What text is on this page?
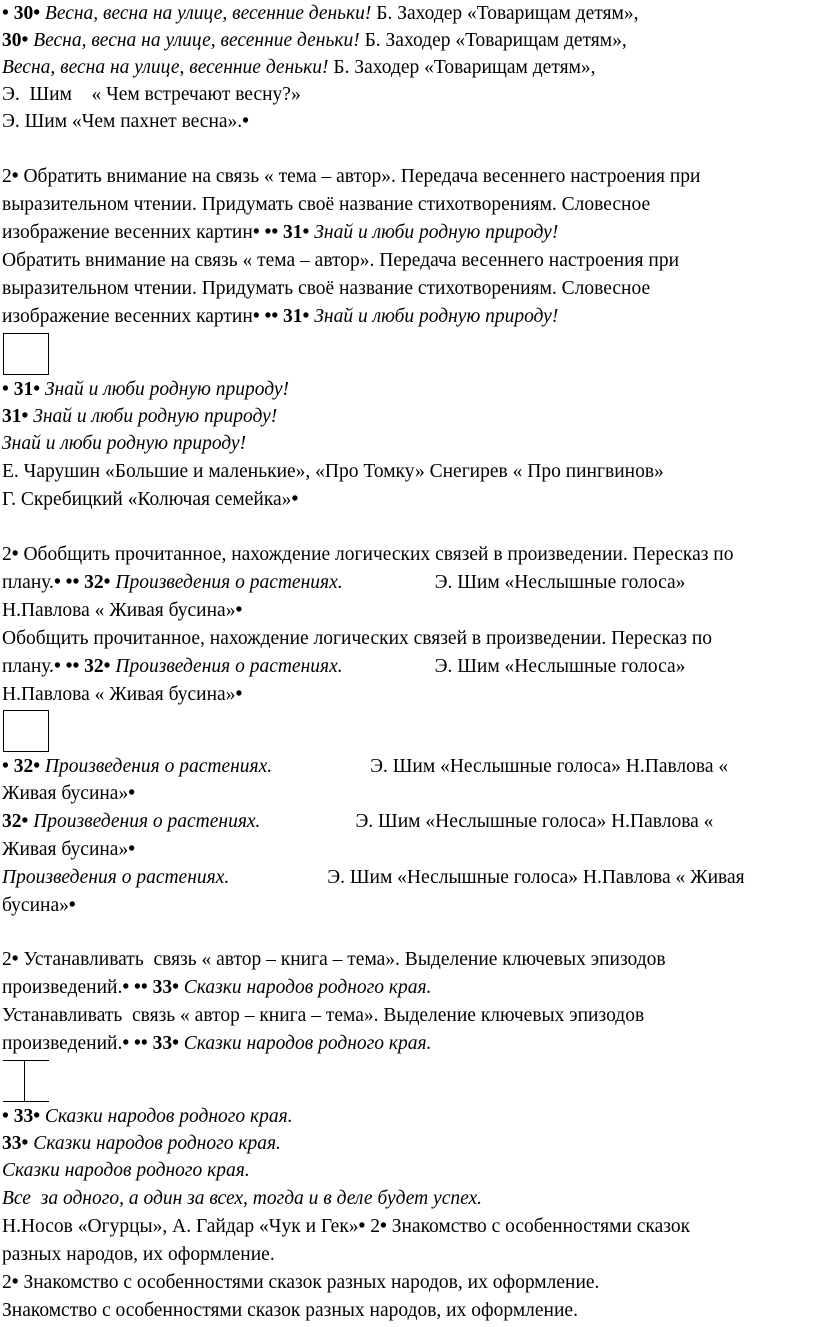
• 30• Весна, весна на улице, весенние деньки! Б. Заходер «Товарищам детям»,
30• Весна, весна на улице, весенние деньки! Б. Заходер «Товарищам детям»,
Весна, весна на улице, весенние деньки! Б. Заходер «Товарищам детям»,
Э.  Шим    « Чем встречают весну?»
Э. Шим «Чем пахнет весна».•
2• Обратить внимание на связь « тема – автор». Передача весеннего настроения при
выразительном чтении. Придумать своё название стихотворениям. Словесное
изображение весенних картин• •• 31• Знай и люби родную природу!
Обратить внимание на связь « тема – автор». Передача весеннего настроения при
выразительном чтении. Придумать своё название стихотворениям. Словесное
изображение весенних картин• •• 31• Знай и люби родную природу!
• 31• Знай и люби родную природу!
31• Знай и люби родную природу!
Знай и люби родную природу!
Е. Чарушин «Большие и маленькие», «Про Томку» Снегирев « Про пингвинов»
Г. Скребицкий «Колючая семейка»•
2• Обобщить прочитанное, нахождение логических связей в произведении. Пересказ по
плану.• •• 32• Произведения о растениях.	Э. Шим «Неслышные голоса»
Н.Павлова « Живая бусина»•
Обобщить прочитанное, нахождение логических связей в произведении. Пересказ по
плану.• •• 32• Произведения о растениях.	Э. Шим «Неслышные голоса»
Н.Павлова « Живая бусина»•
• 32• Произведения о растениях.	Э. Шим «Неслышные голоса» Н.Павлова «
Живая бусина»•
32• Произведения о растениях.	Э. Шим «Неслышные голоса» Н.Павлова «
Живая бусина»•
Произведения о растениях.	Э. Шим «Неслышные голоса» Н.Павлова « Живая
бусина»•
2• Устанавливать  связь « автор – книга – тема». Выделение ключевых эпизодов
произведений.• •• 33• Сказки народов родного края.
Устанавливать  связь « автор – книга – тема». Выделение ключевых эпизодов
произведений.• •• 33• Сказки народов родного края.
• 33• Сказки народов родного края.
33• Сказки народов родного края.
Сказки народов родного края.
Все  за одного, а один за всех, тогда и в деле будет успех.
Н.Носов «Огурцы», А. Гайдар «Чук и Гек»• 2• Знакомство с особенностями сказок
разных народов, их оформление.
2• Знакомство с особенностями сказок разных народов, их оформление.
Знакомство с особенностями сказок разных народов, их оформление.
